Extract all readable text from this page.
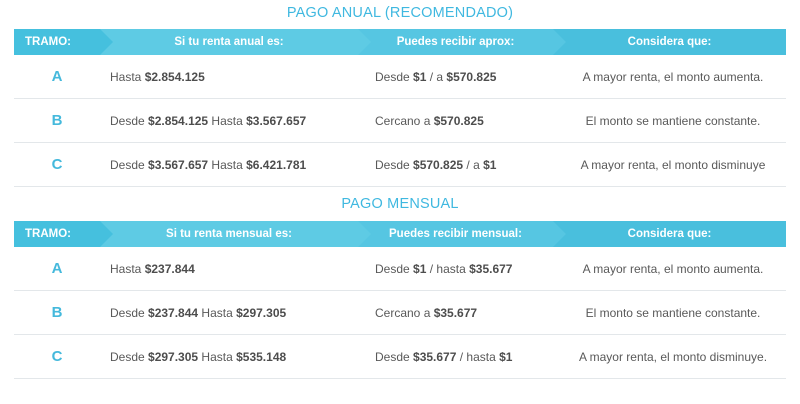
PAGO ANUAL (RECOMENDADO)
TRAMO:	Si tu renta anual es:	Puedes recibir aprox:	Considera que:
A	Hasta $2.854.125	Desde $1 / a $570.825	A mayor renta, el monto aumenta.
B	Desde $2.854.125 Hasta $3.567.657	Cercano a $570.825	El monto se mantiene constante.
C	Desde $3.567.657 Hasta $6.421.781	Desde $570.825 / a $1	A mayor renta, el monto disminuye
PAGO MENSUAL
TRAMO:	Si tu renta mensual es:	Puedes recibir mensual:	Considera que:
A	Hasta $237.844	Desde $1 / hasta $35.677	A mayor renta, el monto aumenta.
B	Desde $237.844 Hasta $297.305	Cercano a $35.677	El monto se mantiene constante.
C	Desde $297.305 Hasta $535.148	Desde $35.677 / hasta $1	A mayor renta, el monto disminuye.
